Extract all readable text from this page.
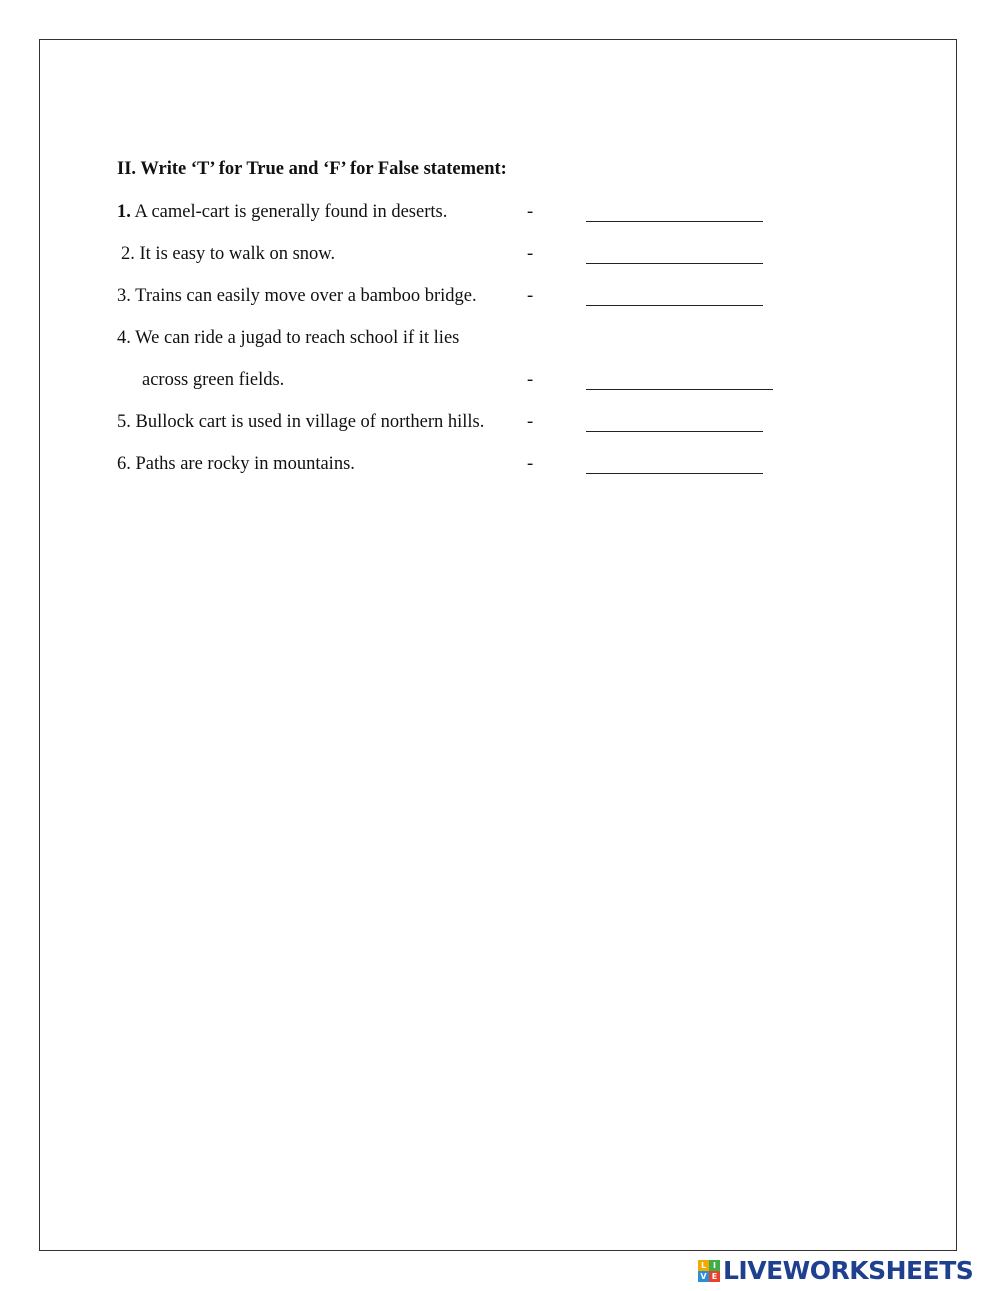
II. Write ‘T’ for True and ‘F’ for False statement:
1. A camel-cart is generally found in deserts.	-
2. It is easy to walk on snow.	-
3. Trains can easily move over a bamboo bridge.	-
4. We can ride a jugad to reach school if it lies
across green fields.	-
5. Bullock cart is used in village of northern hills. -
6. Paths are rocky in mountains.	-
L I
V E LIVEWORKSHEETS
